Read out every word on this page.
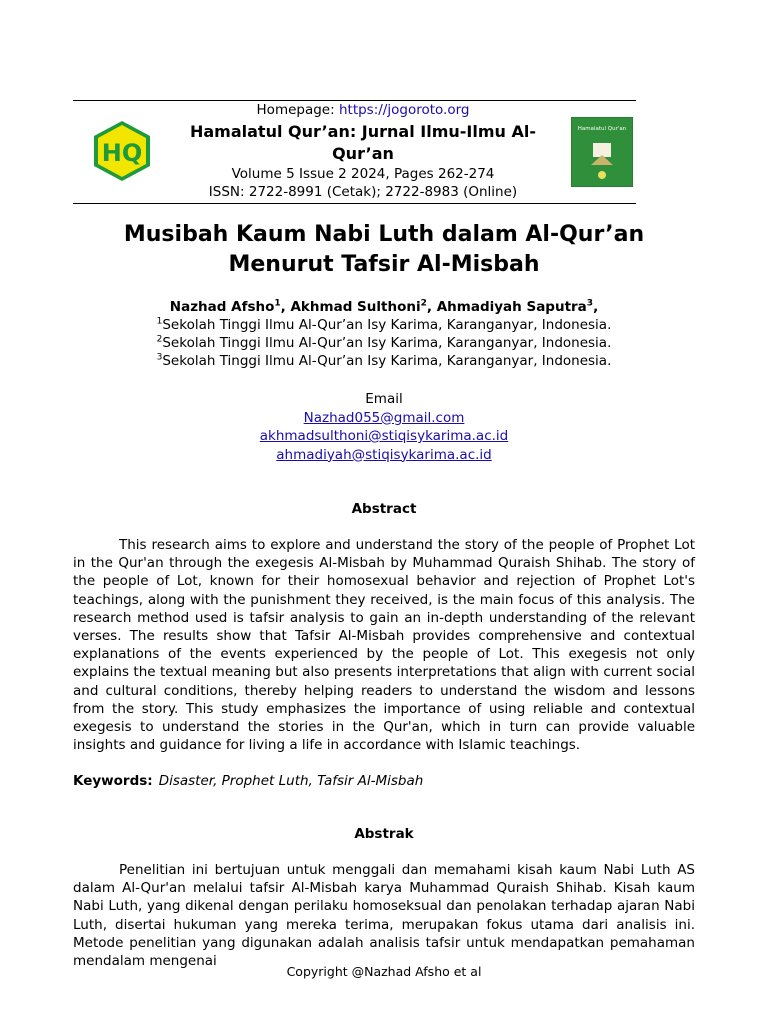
HQ
Homepage: https://jogoroto.org
Hamalatul Qur’an: Jurnal Ilmu-Ilmu Al-Qur’an
Volume 5 Issue 2 2024, Pages 262-274
ISSN: 2722-8991 (Cetak); 2722-8983 (Online)
Hamalatul Qur'an
Musibah Kaum Nabi Luth dalam Al-Qur’an Menurut Tafsir Al-Misbah
Nazhad Afsho$^1$, Akhmad Sulthoni$^2$, Ahmadiyah Saputra$^3$,
$^1$Sekolah Tinggi Ilmu Al-Qur’an Isy Karima, Karanganyar, Indonesia.
$^2$Sekolah Tinggi Ilmu Al-Qur’an Isy Karima, Karanganyar, Indonesia.
$^3$Sekolah Tinggi Ilmu Al-Qur’an Isy Karima, Karanganyar, Indonesia.
Email
Nazhad055@gmail.com
akhmadsulthoni@stiqisykarima.ac.id
ahmadiyah@stiqisykarima.ac.id
Abstract

This research aims to explore and understand the story of the people of Prophet Lot in the Qur'an through the exegesis Al-Misbah by Muhammad Quraish Shihab. The story of the people of Lot, known for their homosexual behavior and rejection of Prophet Lot's teachings, along with the punishment they received, is the main focus of this analysis. The research method used is tafsir analysis to gain an in-depth understanding of the relevant verses. The results show that Tafsir Al-Misbah provides comprehensive and contextual explanations of the events experienced by the people of Lot. This exegesis not only explains the textual meaning but also presents interpretations that align with current social and cultural conditions, thereby helping readers to understand the wisdom and lessons from the story. This study emphasizes the importance of using reliable and contextual exegesis to understand the stories in the Qur'an, which in turn can provide valuable insights and guidance for living a life in accordance with Islamic teachings.

Keywords: Disaster, Prophet Luth, Tafsir Al-Misbah
Abstrak

Penelitian ini bertujuan untuk menggali dan memahami kisah kaum Nabi Luth AS dalam Al-Qur'an melalui tafsir Al-Misbah karya Muhammad Quraish Shihab. Kisah kaum Nabi Luth, yang dikenal dengan perilaku homoseksual dan penolakan terhadap ajaran Nabi Luth, disertai hukuman yang mereka terima, merupakan fokus utama dari analisis ini. Metode penelitian yang digunakan adalah analisis tafsir untuk mendapatkan pemahaman mendalam mengenai

Copyright @Nazhad Afsho et al
